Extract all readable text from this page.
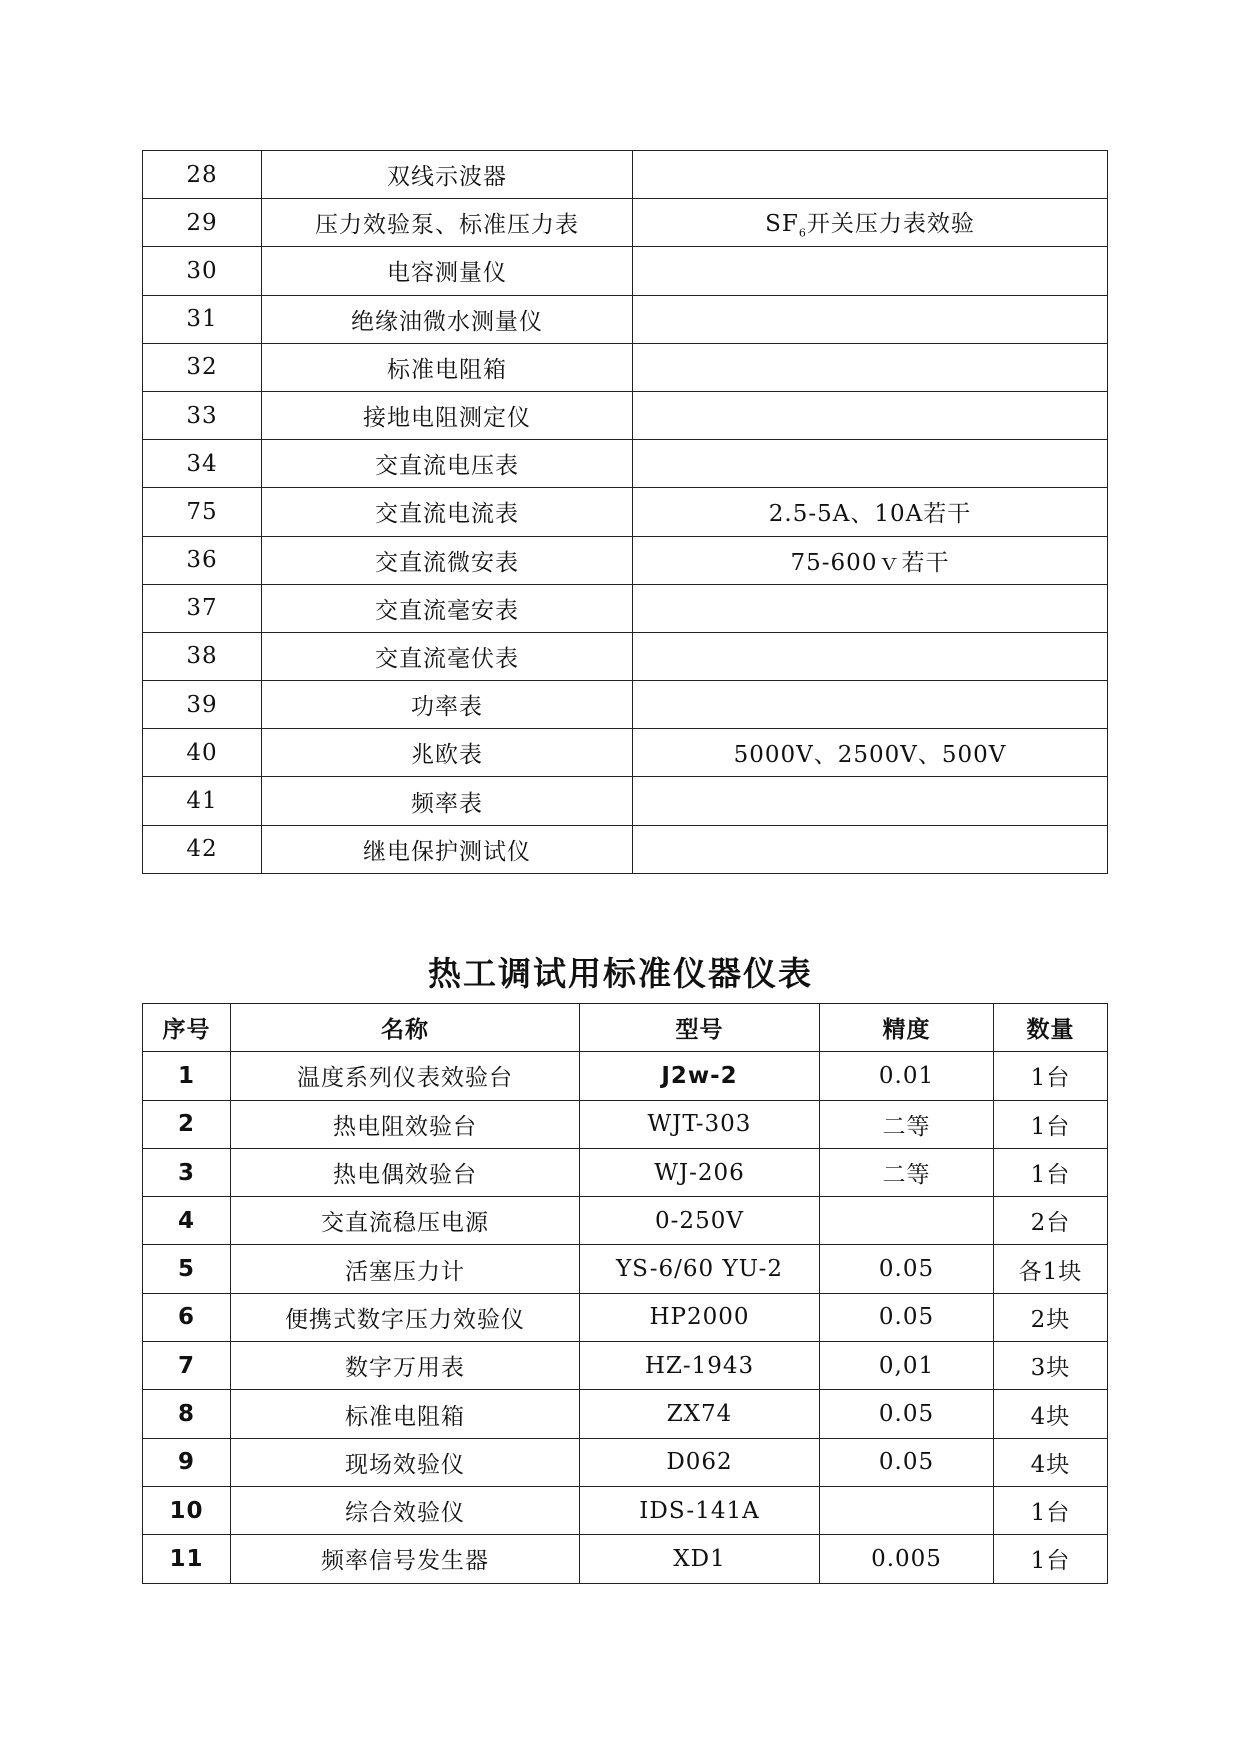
28	双线示波器	
29	压力效验泵、标准压力表	$SF_6$开关压力表效验
30	电容测量仪	
31	绝缘油微水测量仪	
32	标准电阻箱	
33	接地电阻测定仪	
34	交直流电压表	
75	交直流电流表	2.5-5A、10A若干
36	交直流微安表	75-600ｖ若干
37	交直流毫安表	
38	交直流毫伏表	
39	功率表	
40	兆欧表	5000V、2500V、500V
41	频率表	
42	继电保护测试仪	
热工调试用标准仪器仪表
序号	名称	型号	精度	数量
1	温度系列仪表效验台	J2w-2	0.01	1台
2	热电阻效验台	WJT-303	二等	1台
3	热电偶效验台	WJ-206	二等	1台
4	交直流稳压电源	0-250V		2台
5	活塞压力计	YS-6/60 YU-2	0.05	各1块
6	便携式数字压力效验仪	HP2000	0.05	2块
7	数字万用表	HZ-1943	0,01	3块
8	标准电阻箱	ZX74	0.05	4块
9	现场效验仪	D062	0.05	4块
10	综合效验仪	IDS-141A		1台
11	频率信号发生器	XD1	0.005	1台
